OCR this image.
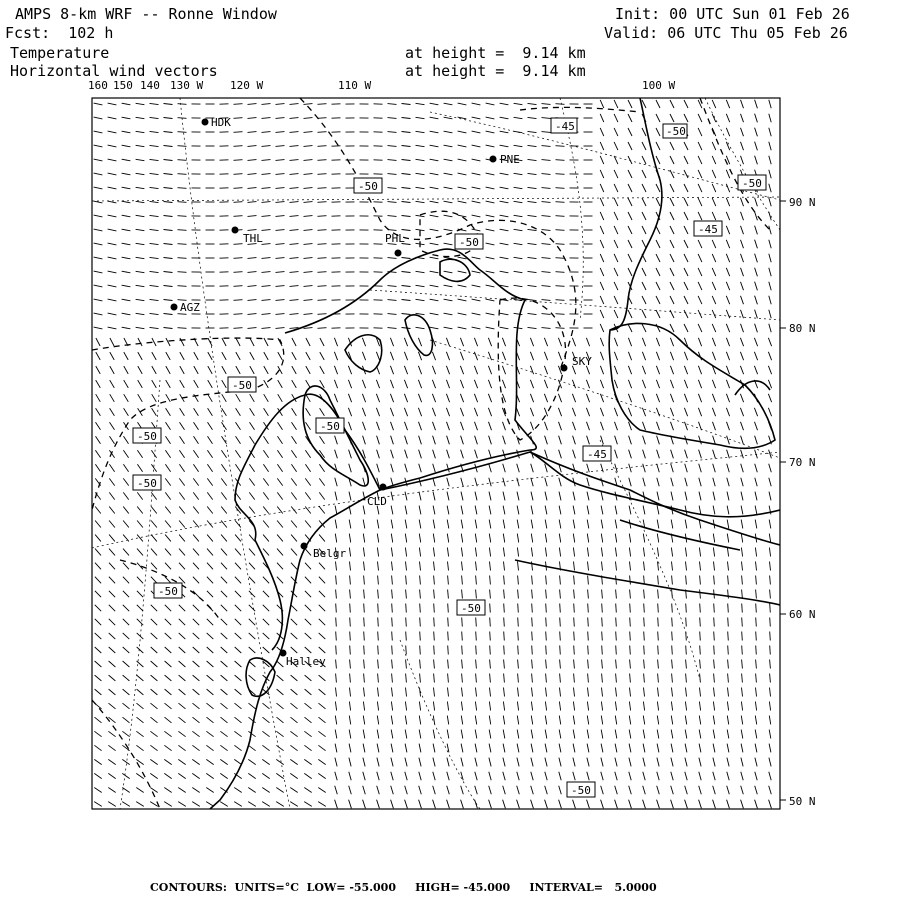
AMPS 8-km WRF -- Ronne Window
Fcst:  102 h
Init: 00 UTC Sun 01 Feb 26
Valid: 06 UTC Thu 05 Feb 26
Temperature
Horizontal wind vectors
at height =  9.14 km
at height =  9.14 km
160 150 140 130 W 120 W	110 W	100 W
90 N
80 N
70 N
60 N
50 N
HDK
PNE
THL	PHL
AGZ
SKY
CLD
Belgr
Halley
-45
-50	-50
-50
-45
-50
-50
-50
-50
-45
-50
-50
-50
-50
CONTOURS:  UNITS=°C  LOW= -55.000     HIGH= -45.000     INTERVAL=   5.0000
